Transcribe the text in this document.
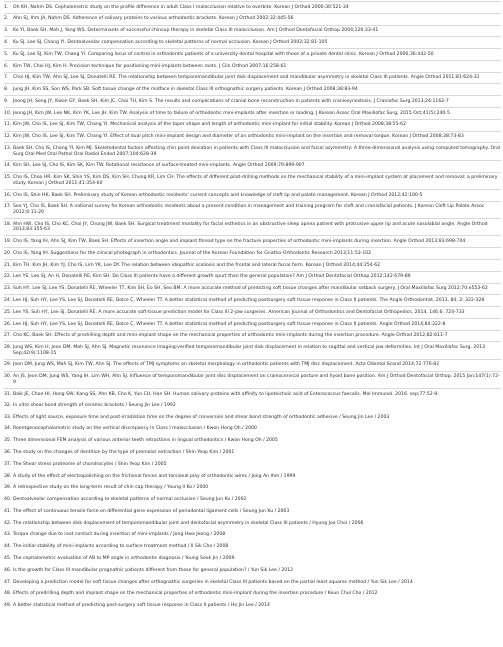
1.	Oh KH, Nahm DS. Cephalometric study on the profile difference in adult Class I malocclusion relative to overbite. Korean J Orthod 2000;30:521-34
2.	Ahn SJ, Ihm JA, Nahm DS. Adherence of salivary proteins to various orthodontic brackets. Korean J Orthod 2002;32:445-56
3.	Ko YI, Baek SH, Mah J, Yang WS. Determinants of successful chincup therapy in skeletal Class III malocclusion. Am J Orthod Dentofacial Orthop 2004;126:33-41
4.	Ku SJ, Lee SJ, Chang YI. Dentoalveolar compensation according to skeletal patterns of normal occlusion. Korean J Orthod 2002;32:81-105
5.	Ku SJ, Lee SJ, Kim TW, Chang YI. Comparing locus of control in orthodontic patients of a university dental hospital with those of a private dental clinic. Korean J Orthod 2006;36:442-50
6.	Kim TW, Choi HJ, Kim H. Precision technique for positioning mini-implants between roots. J Clin Orthod 2007;16:258-61
7.	Choi HJ, Kim TW, Ahn SJ, Lee SJ, Donatelli RE. The relationship between temporomandibular joint disk displacement and mandibular asymmetry in skeletal Class III patients. Angle Orthod 2011;81:624-31
8.	Jung JH, Kim SS, Son WS, Park SB. Soft tissue change of the midface in skeletal Class III orthognathic surgery patients. Korean J Orthod 2008;38:83-94
9.	Jeong JH, Song JY, Kwon GY, Baek SH, Kim JC, Choi TH, Kim S. The results and complications of cranial bone reconstruction in patients with craniosynostosis. J Craniofac Surg 2013;24:1162-7
10. Jeong JH, Kim JW, Lee NK, Kim YK, Lee JH, Kim TW. Analysis of time to failure of orthodontic mini-implants after insertion or loading. J Korean Assoc Oral Maxillofac Surg, 2015 Oct;41(5):240-5
11. Kim JW, Cho IS, Lee SJ, Kim TW, Chang YI. Mechanical analysis of the taper shape and length of orthodontic mini-implant for initial stability. Korean J Orthod 2008;38:55-62
12. Kim JW, Cho IS, Lee SJ, Kim TW, Chang YI. Effect of dual pitch mini-implant design and diameter of an orthodontic mini-implant on the insertion and removal torque. Korean J Orthod 2008;38:73-83
13. Baek SH, Cho IS, Chang YI, Kim MJ. Skeletodental factors affecting chin point deviation in patients with Class III malocclusion and facial asymmetry: A three-dimensional analysis using computed tomography. Oral Surg Oral Med Oral Pathol Oral Radiol Endod 2007;104:628-39
14. Kim SH, Lee SJ, Cho IS, Kim SK, Kim TW. Rotational resistance of surface-treated mini-implants. Angle Orthod 2009;79:899-907
15. Cho IS, Choo HR, Kim SK, Shin YS, Kim DS, Kim SH, Chung KR, Lim CH. The effects of different pilot-drilling methods on the mechanical stability of a mini-implant system at placement and removal: a preliminary study. Korean J Orthod 2011;41:354-60
16. Cho IS, Shin HK, Baek SH. Preliminary study of Korean orthodontic residents' current concepts and knowledge of cleft lip and palate management. Korean J Orthod 2012;42:100-5
17. Seo YJ, Cho IS, Baek SH. A national survey for Korean orthodontic residents about a present condition in management and training program for cleft and craniofacial patients. J Korean Cleft Lip Palate Assoc 2012;6:11-20
18. Ahn HW, Cho IS, Cho KC, Choi JY, Chung JW, Baek SH. Surgical treatment modality for facial esthetics in an obstructive sleep apnea patient with protrusive upper lip and acute nasolabial angle. Angle Orthod 2013;83:355-63
19. Cho IS, Yang IH, Ahn SJ, Kim TW, Baek SH. Effects of insertion angle and implant thread type on the fracture properties of orthodontic mini-implants during insertion. Angle Orthod 2013;83:698-704
20. Cho IS, Yang IH. Suggestions for the clinical photograph in orthodontics. Journal of the Korean Foundation for Gnatho-Orthodontic Research 2013;11:53-102
21. Kim TH, Kim JH, Kim YJ, Cho IS, Lim YK, Lee DY. The relation between idiopathic scoliosis and the frontal and lateral facial form. Korean J Orthod 2014;44:254-62
22. Lee YS, Lee SJ, An H, Donatelli RE, Kim SH. Do Class III patients have a different growth spurt than the general population? Am J Orthod Dentofacial Orthop 2012;142:679-89
23. Suh HY, Lee SJ, Lee YS, Donatelli RE, Wheeler TT, Kim SH, Eo SH, Seo BM. A more accurate method of predicting soft tissue changes after mandibular setback surgery. J Oral Maxillofac Surg 2012;70:e553-62
24. Lee HJ, Suh HY, Lee YS, Lee SJ, Donatelli RE, Dolce C, Wheeler TT. A better statistical method of predicting postsurgery soft tissue response in Class II patients. The Angle Orthodontist, 2013, 84, 2: 322-328
25. Lee YS, Suh HY, Lee SJ, Donatelli RE. A more accurate soft-tissue prediction model for Class III 2-jaw surgeries. American Journal of Orthodontics and Dentofacial Orthopedics, 2014, 146.6: 724-733
26. Lee HJ, Suh HY, Lee YS, Lee SJ, Donatelli RE, Dolce C, Wheeler TT. A better statistical method of predicting postsurgery soft tissue response in Class II patients. Angle Orthod 2014;84:322-8
27. Cho KC, Baek SH. Effects of predrilling depth and mini-implant shape on the mechanical properties of orthodontic mini-implants during the insertion procedure. Angle Orthod 2012;82:611-7
28. Jung WS, Kim H, Jeon DM, Mah SJ, Ahn SJ. Magnetic resonance imaging-verified temporomandibular joint disk displacement in relation to sagittal and vertical jaw deformities. Int J Oral Maxillofac Surg, 2013 Sep;42(9):1108-15
29. Jeon DM, Jung WS, Mah SJ, Kim TW, Ahn SJ. The effects of TMJ symptoms on skeletal morphology in orthodontic patients with TMJ disc displacement. Acta Odontol Scand 2014;72:776-82
30. An JS, Jeon DM, Jung WS, Yang IH, Lim WH, Ahn SJ. Influence of temporomandibular joint disc displacement on craniocervical posture and hyoid bone position. Am J Orthod Dentofacial Orthop. 2015 Jan;147(1):72-9
31. Baik JE, Choe HI, Hong SW, Kang SS, Ahn KB, Cho K, Yun CH, Han SH. Human salivary proteins with affinity to lipoteichoic acid of Enterococcus faecalis. Mol Immunol. 2016. sep;77:52-9.
32. In vitro shear bond strength of ceramic brackets / Seung Jin Lee / 1992
33. Effects of light source, exposure time and post-irradiation time on the degree of conversion and shear bond strength of orthodontic adhesive / Seung Jin Lee / 2003
34. Roentgenocephalometric study on the vertical discrepancy in Class I malocclusion / Kwon Hong Oh / 2000
35. Three dimensional FEM analysis of various anterior teeth retractions in lingual orthodontics / Kwon Hong Oh / 2005
36. The study on the changes of dentition by the type of premolar extraction / Shin Yeop Kim / 2001
37. The Shear stress proteome of chondrocytes / Shin Yeop Kim / 2005
38. A study of the effect of electropolishing on the frictional forces and torsional play of orthodontic wires / Jong An Ihm / 1999
39. A retrospective study on the long-term result of chin cap therapy / Young Il Ko / 2000
40. Dentoalveolar compensation according to skeletal patterns of normal occlusion / Seung Jun Ku / 2002
41. The effect of continuous tensile force on differential gene expression of periodontal ligament cells / Seung Jun Ku / 2003
42. The relationship between disk displacement of temporomandibular joint and dentofacial asymmetry in skeletal Class III patients / Hyung Joo Choi / 2006
43. Torque change due to root contact during insertion of mini-implants / Jong Hwa Jeong / 2008
44. The initial stability of mini-implants according to surface treatment method / Il Sik Cho / 2008
45. The cephalometric evaluation of AB to MP angle in orthodontic diagnosis / Young Seok Jin / 2009
46. Is the growth for Class III mandibular prognathic patients different from those for general population? / Yun Sik Lee / 2012
47. Developing a prediction model for soft tissue changes after orthognathic surgeries in skeletal Class III patients based on the partial least squares method / Yun Sik Lee / 2014
48. Effects of predrilling depth and implant shape on the mechanical properties of orthodontic mini-implant during the insertion procedure / Keun Chul Cho / 2012
49. A better statistical method of predicting post-surgery soft tissue response in Class II patients / Ho Jin Lee / 2014
